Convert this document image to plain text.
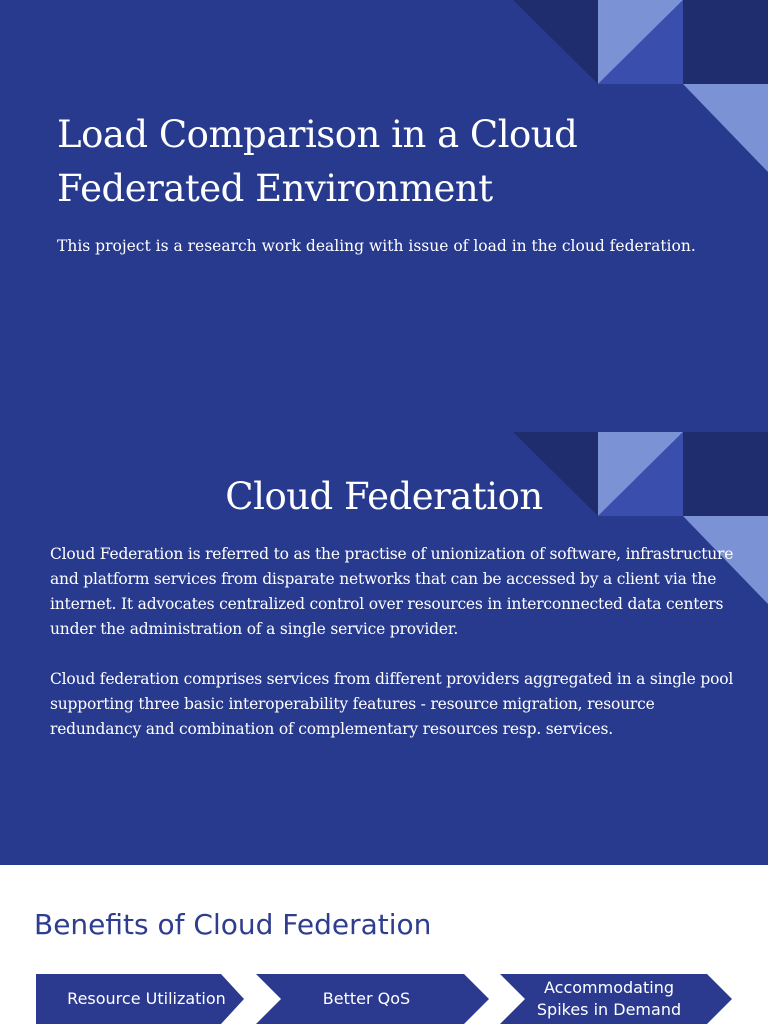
Load Comparison in a Cloud
Federated Environment

This project is a research work dealing with issue of load in the cloud federation.

Cloud Federation

Cloud Federation is referred to as the practise of unionization of software, infrastructure and platform services from disparate networks that can be accessed by a client via the internet. It advocates centralized control over resources in interconnected data centers under the administration of a single service provider.

Cloud federation comprises services from different providers aggregated in a single pool supporting three basic interoperability features - resource migration, resource redundancy and combination of complementary resources resp. services.

Benefits of Cloud Federation
Resource Utilization	Better QoS
Accommodating Spikes in Demand
